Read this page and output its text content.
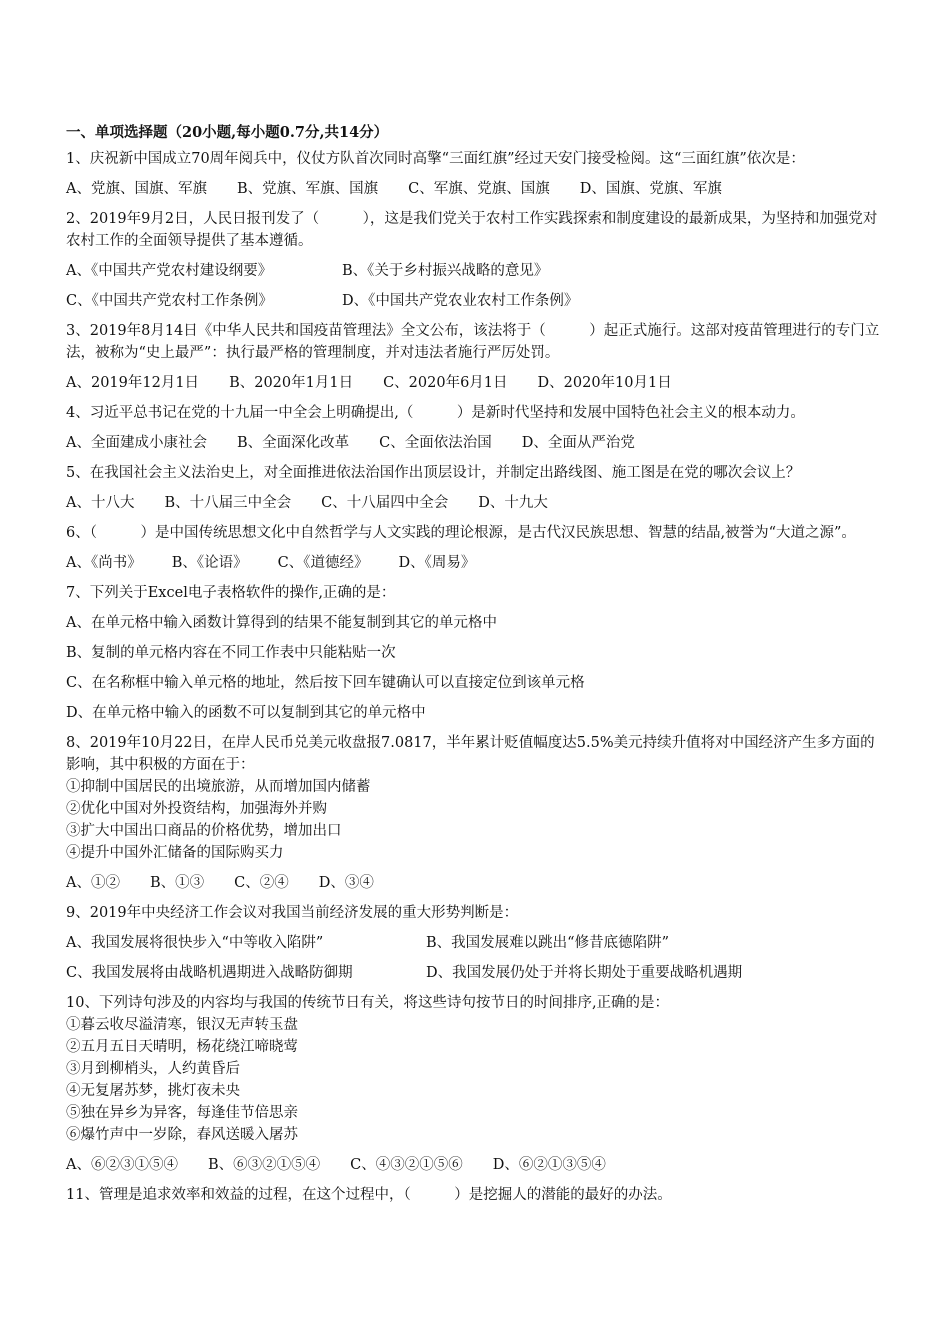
一、单项选择题（20小题,每小题0.7分,共14分）
1、庆祝新中国成立70周年阅兵中，仪仗方队首次同时高擎“三面红旗”经过天安门接受检阅。这“三面红旗”依次是：
A、党旗、国旗、军旗 B、党旗、军旗、国旗 C、军旗、党旗、国旗 D、国旗、党旗、军旗
2、2019年9月2日，人民日报刊发了（　　　），这是我们党关于农村工作实践探索和制度建设的最新成果，为坚持和加强党对农村工作的全面领导提供了基本遵循。
A、《中国共产党农村建设纲要》	B、《关于乡村振兴战略的意见》
C、《中国共产党农村工作条例》	D、《中国共产党农业农村工作条例》
3、2019年8月14日《中华人民共和国疫苗管理法》全文公布，该法将于（　　　）起正式施行。这部对疫苗管理进行的专门立法，被称为“史上最严”：执行最严格的管理制度，并对违法者施行严厉处罚。
A、2019年12月1日 B、2020年1月1日 C、2020年6月1日 D、2020年10月1日
4、习近平总书记在党的十九届一中全会上明确提出,（　　　）是新时代坚持和发展中国特色社会主义的根本动力。
A、全面建成小康社会 B、全面深化改革 C、全面依法治国 D、全面从严治党
5、在我国社会主义法治史上，对全面推进依法治国作出顶层设计，并制定出路线图、施工图是在党的哪次会议上？
A、十八大 B、十八届三中全会 C、十八届四中全会 D、十九大
6、（　　　）是中国传统思想文化中自然哲学与人文实践的理论根源，是古代汉民族思想、智慧的结晶,被誉为“大道之源”。
A、《尚书》 B、《论语》 C、《道德经》 D、《周易》
7、下列关于Excel电子表格软件的操作,正确的是：
A、在单元格中输入函数计算得到的结果不能复制到其它的单元格中
B、复制的单元格内容在不同工作表中只能粘贴一次
C、在名称框中输入单元格的地址，然后按下回车键确认可以直接定位到该单元格
D、在单元格中输入的函数不可以复制到其它的单元格中
8、2019年10月22日，在岸人民币兑美元收盘报7.0817，半年累计贬值幅度达5.5%美元持续升值将对中国经济产生多方面的影响，其中积极的方面在于：
①抑制中国居民的出境旅游，从而增加国内储蓄
②优化中国对外投资结构，加强海外并购
③扩大中国出口商品的价格优势，增加出口
④提升中国外汇储备的国际购买力
A、①② B、①③ C、②④ D、③④
9、2019年中央经济工作会议对我国当前经济发展的重大形势判断是：
A、我国发展将很快步入“中等收入陷阱”	B、我国发展难以跳出“修昔底德陷阱”
C、我国发展将由战略机遇期进入战略防御期	D、我国发展仍处于并将长期处于重要战略机遇期
10、下列诗句涉及的内容均与我国的传统节日有关，将这些诗句按节日的时间排序,正确的是：
①暮云收尽溢清寒，银汉无声转玉盘
②五月五日天晴明，杨花绕江啼晓莺
③月到柳梢头，人约黄昏后
④无复屠苏梦，挑灯夜未央
⑤独在异乡为异客，每逢佳节倍思亲
⑥爆竹声中一岁除，春风送暖入屠苏
A、⑥②③①⑤④ B、⑥③②①⑤④ C、④③②①⑤⑥ D、⑥②①③⑤④
11、管理是追求效率和效益的过程，在这个过程中，（　　　）是挖掘人的潜能的最好的办法。
